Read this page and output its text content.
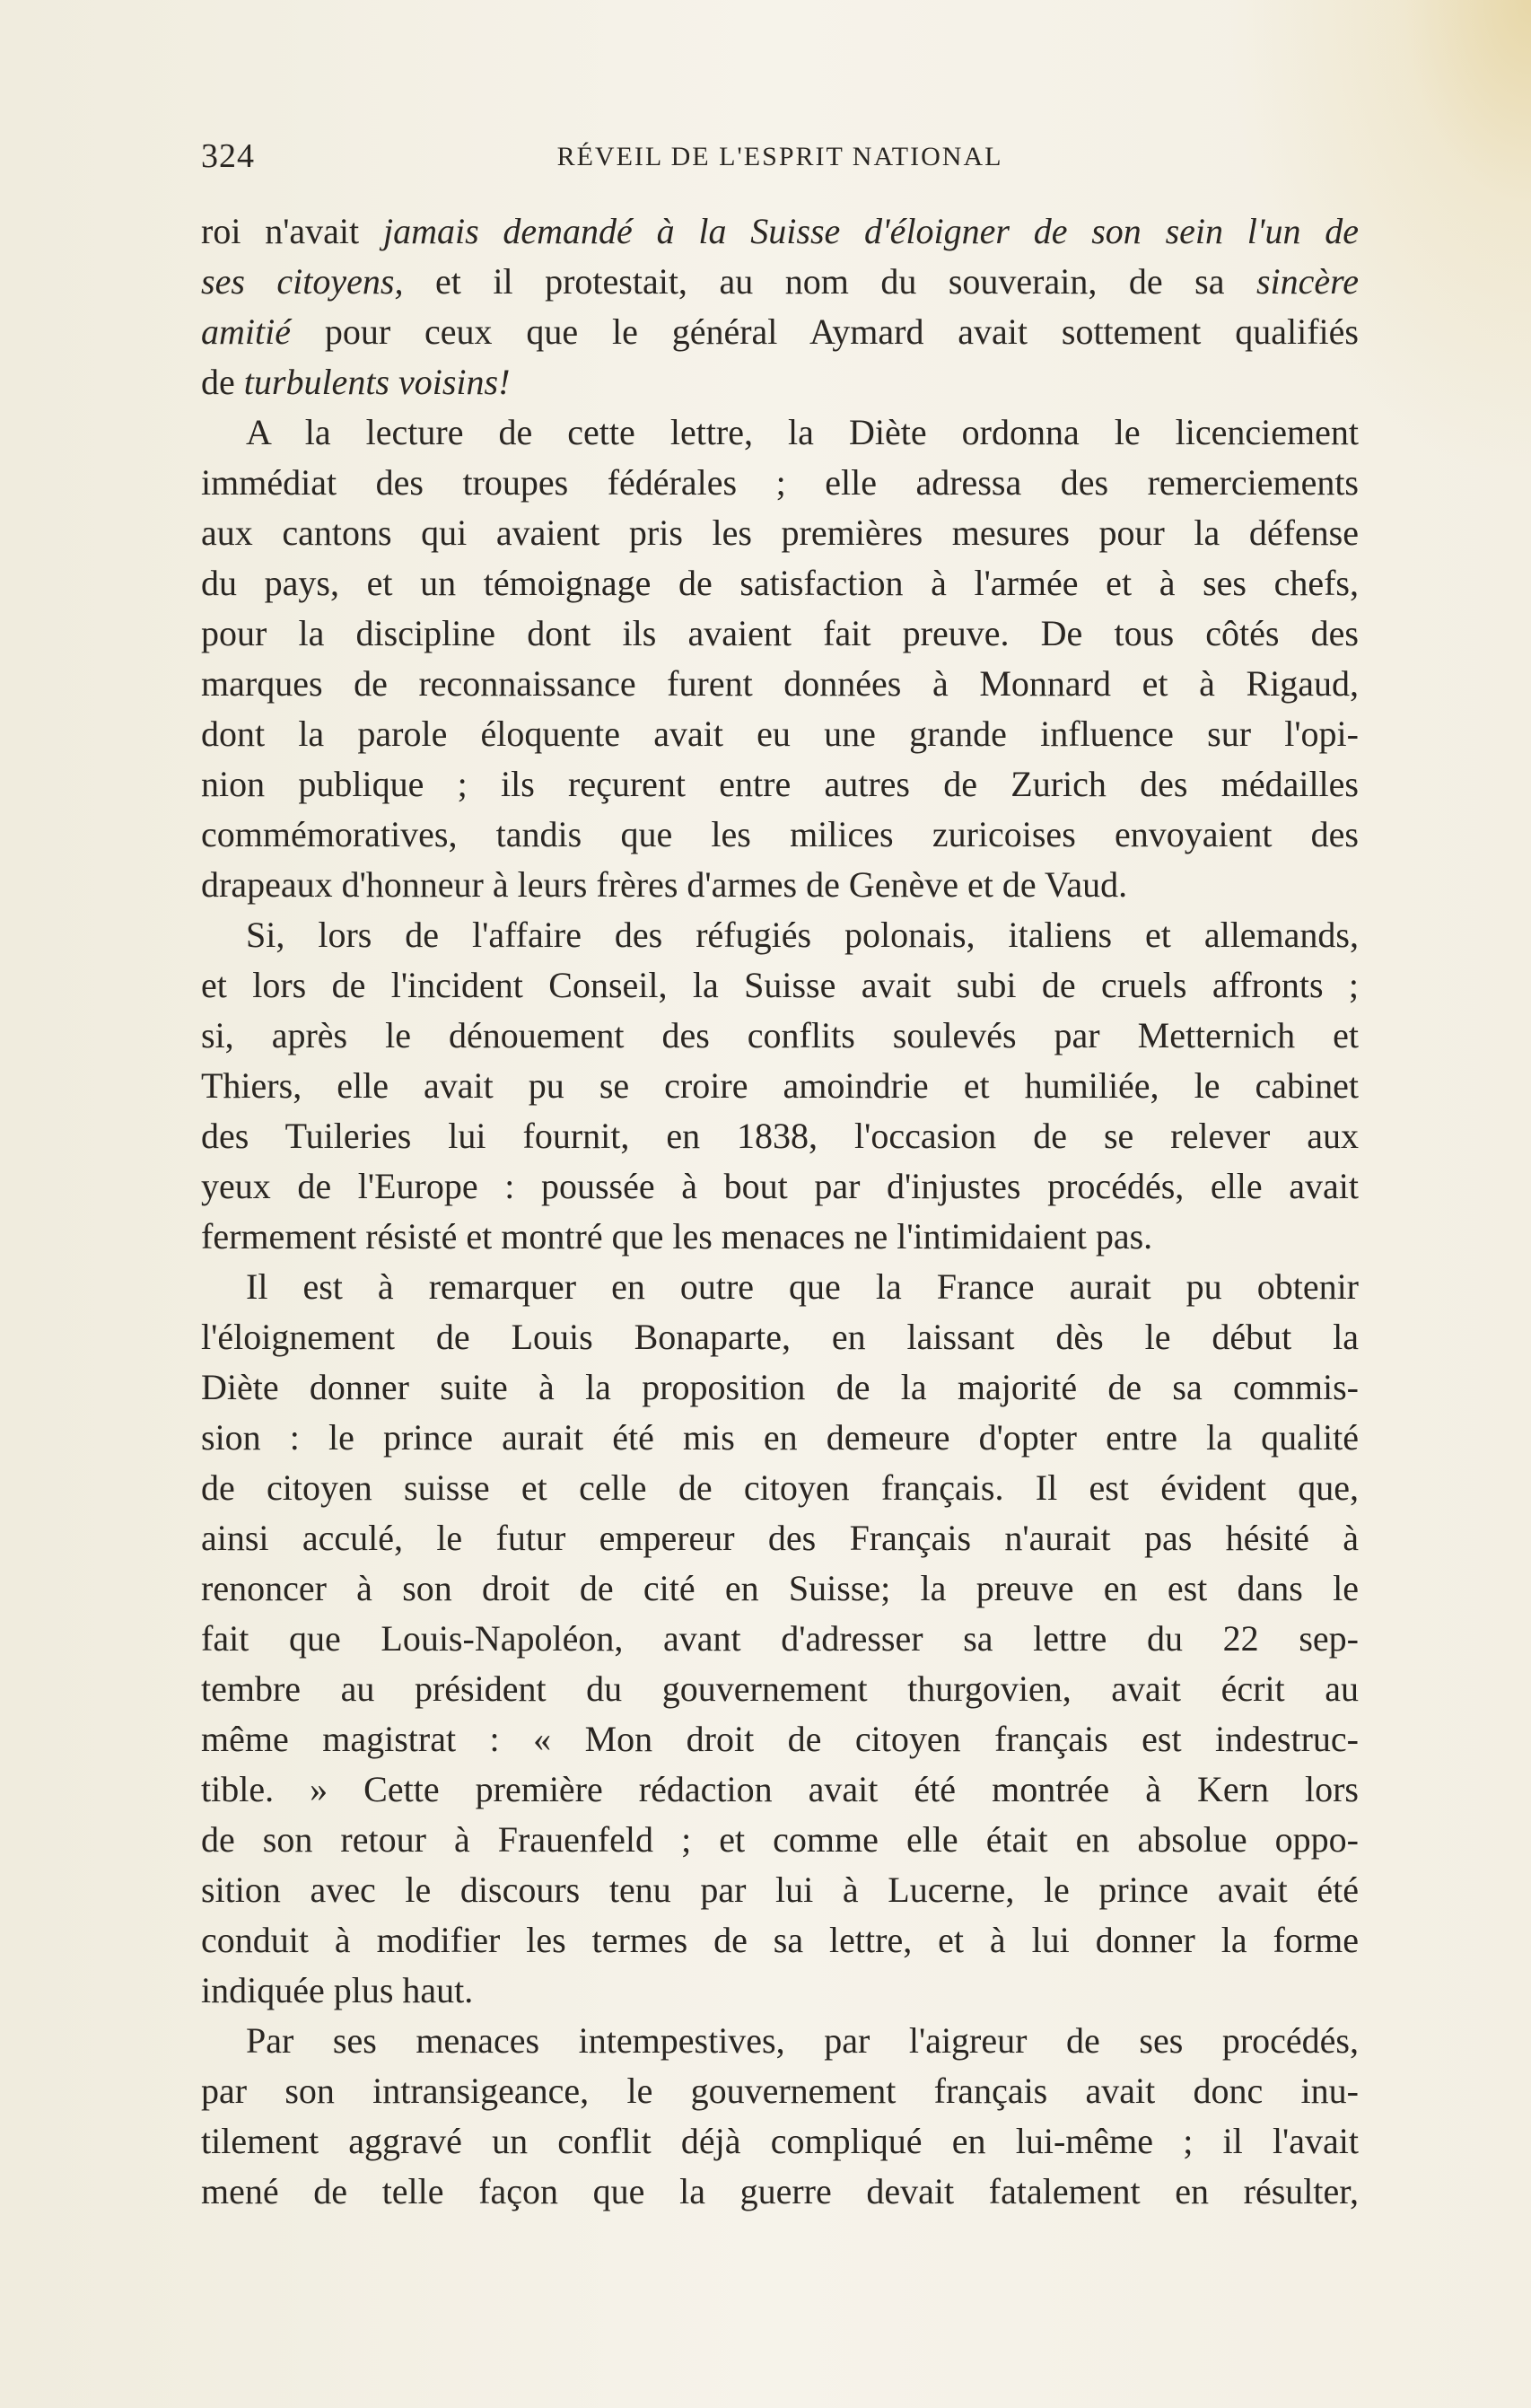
324	RÉVEIL DE L'ESPRIT NATIONAL
roi n'avait jamais demandé à la Suisse d'éloigner de son sein l'un de
ses citoyens, et il protestait, au nom du souverain, de sa sincère
amitié pour ceux que le général Aymard avait sottement qualifiés
de turbulents voisins!
A la lecture de cette lettre, la Diète ordonna le licenciement
immédiat des troupes fédérales ; elle adressa des remerciements
aux cantons qui avaient pris les premières mesures pour la défense
du pays, et un témoignage de satisfaction à l'armée et à ses chefs,
pour la discipline dont ils avaient fait preuve. De tous côtés des
marques de reconnaissance furent données à Monnard et à Rigaud,
dont la parole éloquente avait eu une grande influence sur l'opi-
nion publique ; ils reçurent entre autres de Zurich des médailles
commémoratives, tandis que les milices zuricoises envoyaient des
drapeaux d'honneur à leurs frères d'armes de Genève et de Vaud.
Si, lors de l'affaire des réfugiés polonais, italiens et allemands,
et lors de l'incident Conseil, la Suisse avait subi de cruels affronts ;
si, après le dénouement des conflits soulevés par Metternich et
Thiers, elle avait pu se croire amoindrie et humiliée, le cabinet
des Tuileries lui fournit, en 1838, l'occasion de se relever aux
yeux de l'Europe : poussée à bout par d'injustes procédés, elle avait
fermement résisté et montré que les menaces ne l'intimidaient pas.
Il est à remarquer en outre que la France aurait pu obtenir
l'éloignement de Louis Bonaparte, en laissant dès le début la
Diète donner suite à la proposition de la majorité de sa commis-
sion : le prince aurait été mis en demeure d'opter entre la qualité
de citoyen suisse et celle de citoyen français. Il est évident que,
ainsi acculé, le futur empereur des Français n'aurait pas hésité à
renoncer à son droit de cité en Suisse; la preuve en est dans le
fait que Louis-Napoléon, avant d'adresser sa lettre du 22 sep-
tembre au président du gouvernement thurgovien, avait écrit au
même magistrat : « Mon droit de citoyen français est indestruc-
tible. » Cette première rédaction avait été montrée à Kern lors
de son retour à Frauenfeld ; et comme elle était en absolue oppo-
sition avec le discours tenu par lui à Lucerne, le prince avait été
conduit à modifier les termes de sa lettre, et à lui donner la forme
indiquée plus haut.
Par ses menaces intempestives, par l'aigreur de ses procédés,
par son intransigeance, le gouvernement français avait donc inu-
tilement aggravé un conflit déjà compliqué en lui-même ; il l'avait
mené de telle façon que la guerre devait fatalement en résulter,
